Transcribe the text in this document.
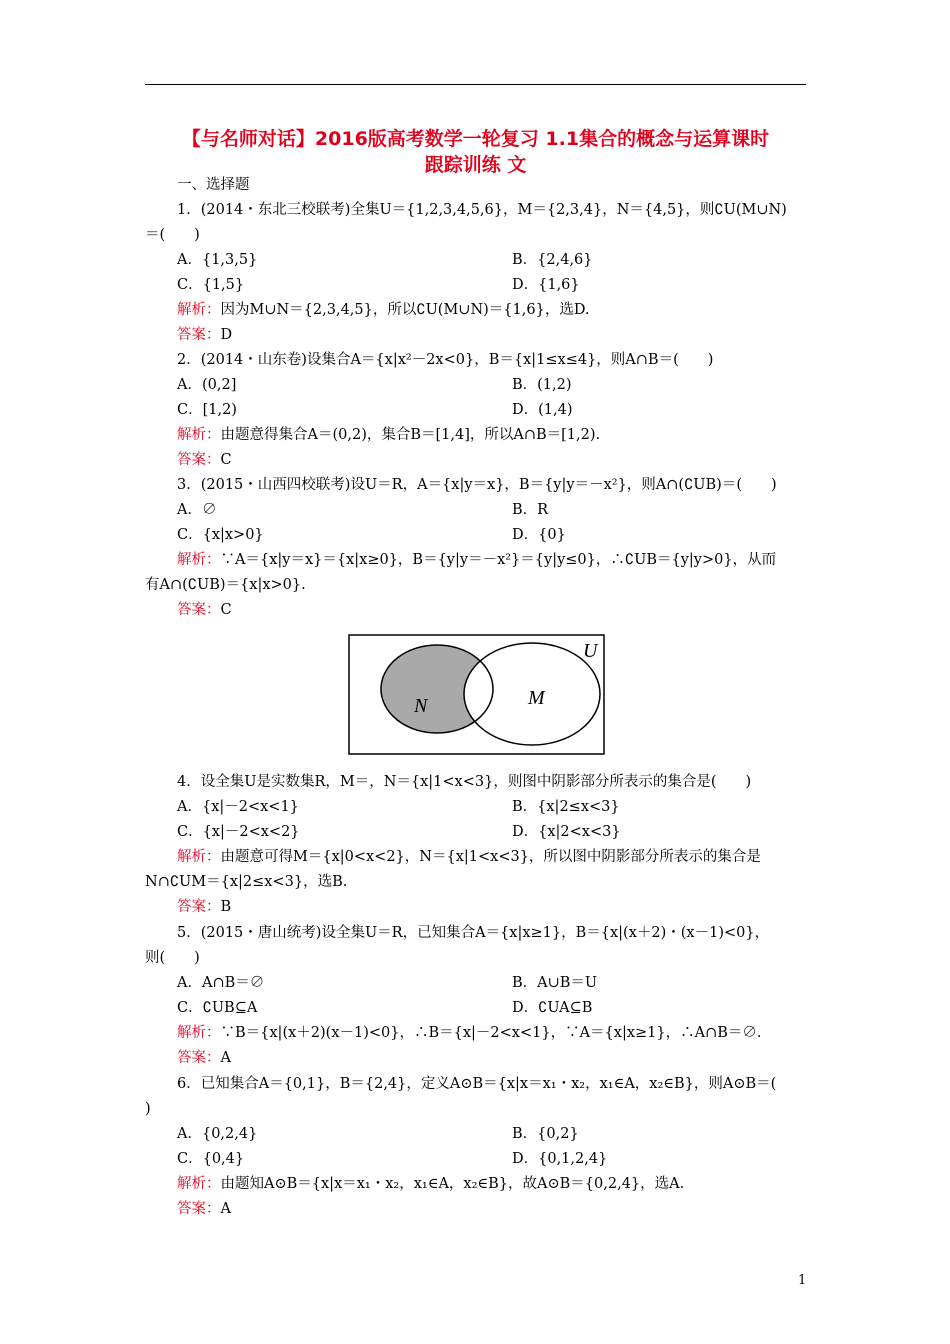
【与名师对话】2016版高考数学一轮复习 1.1集合的概念与运算课时
跟踪训练 文
一、选择题
1．(2014・东北三校联考)全集U＝{1,2,3,4,5,6}，M＝{2,3,4}，N＝{4,5}，则∁U(M∪N)
＝(　　)
A．{1,3,5}	B．{2,4,6}
C．{1,5}	D．{1,6}
解析：因为M∪N＝{2,3,4,5}，所以∁U(M∪N)＝{1,6}，选D.
答案：D
2．(2014・山东卷)设集合A＝{x|x²－2x<0}，B＝{x|1≤x≤4}，则A∩B＝(　　)
A．(0,2]	B．(1,2)
C．[1,2)	D．(1,4)
解析：由题意得集合A＝(0,2)，集合B＝[1,4]，所以A∩B＝[1,2).
答案：C
3．(2015・山西四校联考)设U＝R，A＝{x|y＝x}，B＝{y|y＝－x²}，则A∩(∁UB)＝(　　)
A．∅	B．R
C．{x|x>0}	D．{0}
解析：∵A＝{x|y＝x}＝{x|x≥0}，B＝{y|y＝－x²}＝{y|y≤0}，∴∁UB＝{y|y>0}，从而
有A∩(∁UB)＝{x|x>0}.
答案：C
U
N	M
4．设全集U是实数集R，M＝，N＝{x|1<x<3}，则图中阴影部分所表示的集合是(　　)
A．{x|－2<x<1}	B．{x|2≤x<3}
C．{x|－2<x<2}	D．{x|2<x<3}
解析：由题意可得M＝{x|0<x<2}，N＝{x|1<x<3}，所以图中阴影部分所表示的集合是
N∩∁UM＝{x|2≤x<3}，选B.
答案：B
5．(2015・唐山统考)设全集U＝R，已知集合A＝{x|x≥1}，B＝{x|(x＋2)・(x－1)<0}，
则(　　)
A．A∩B＝∅	B．A∪B＝U
C．∁UB⊆A	D．∁UA⊆B
解析：∵B＝{x|(x＋2)(x－1)<0}，∴B＝{x|－2<x<1}，∵A＝{x|x≥1}，∴A∩B＝∅.
答案：A
6．已知集合A＝{0,1}，B＝{2,4}，定义A⊙B＝{x|x＝x₁・x₂，x₁∈A，x₂∈B}，则A⊙B＝(
)
A．{0,2,4}	B．{0,2}
C．{0,4}	D．{0,1,2,4}
解析：由题知A⊙B＝{x|x＝x₁・x₂，x₁∈A，x₂∈B}，故A⊙B＝{0,2,4}，选A.
答案：A
1
